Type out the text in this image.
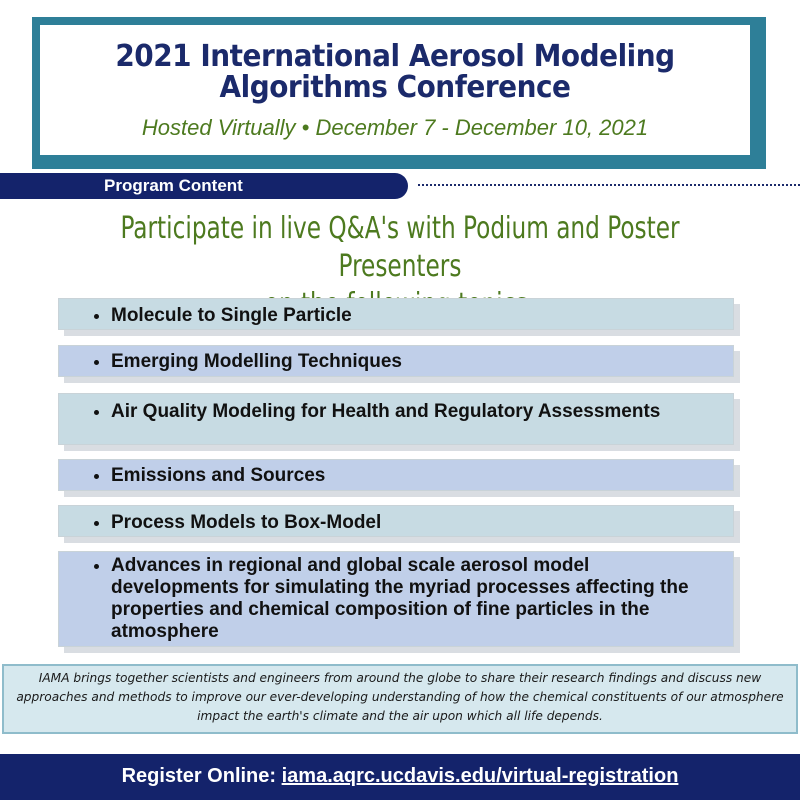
2021 International Aerosol Modeling
Algorithms Conference
Hosted Virtually • December 7 - December 10, 2021
Program Content
Participate in live Q&A's with Podium and Poster Presenters
• Molecule to Single Particle
• Emerging Modelling Techniques
• Air Quality Modeling for Health and Regulatory Assessments
• Emissions and Sources
• Process Models to Box-Model
• Advances in regional and global scale aerosol model developments for simulating the myriad processes affecting the properties and chemical composition of fine particles in the atmosphere
IAMA brings together scientists and engineers from around the globe to share their research findings and discuss new approaches and methods to improve our ever-developing understanding of how the chemical constituents of our atmosphere impact the earth's climate and the air upon which all life depends.
Register Online: iama.aqrc.ucdavis.edu/virtual-registration
